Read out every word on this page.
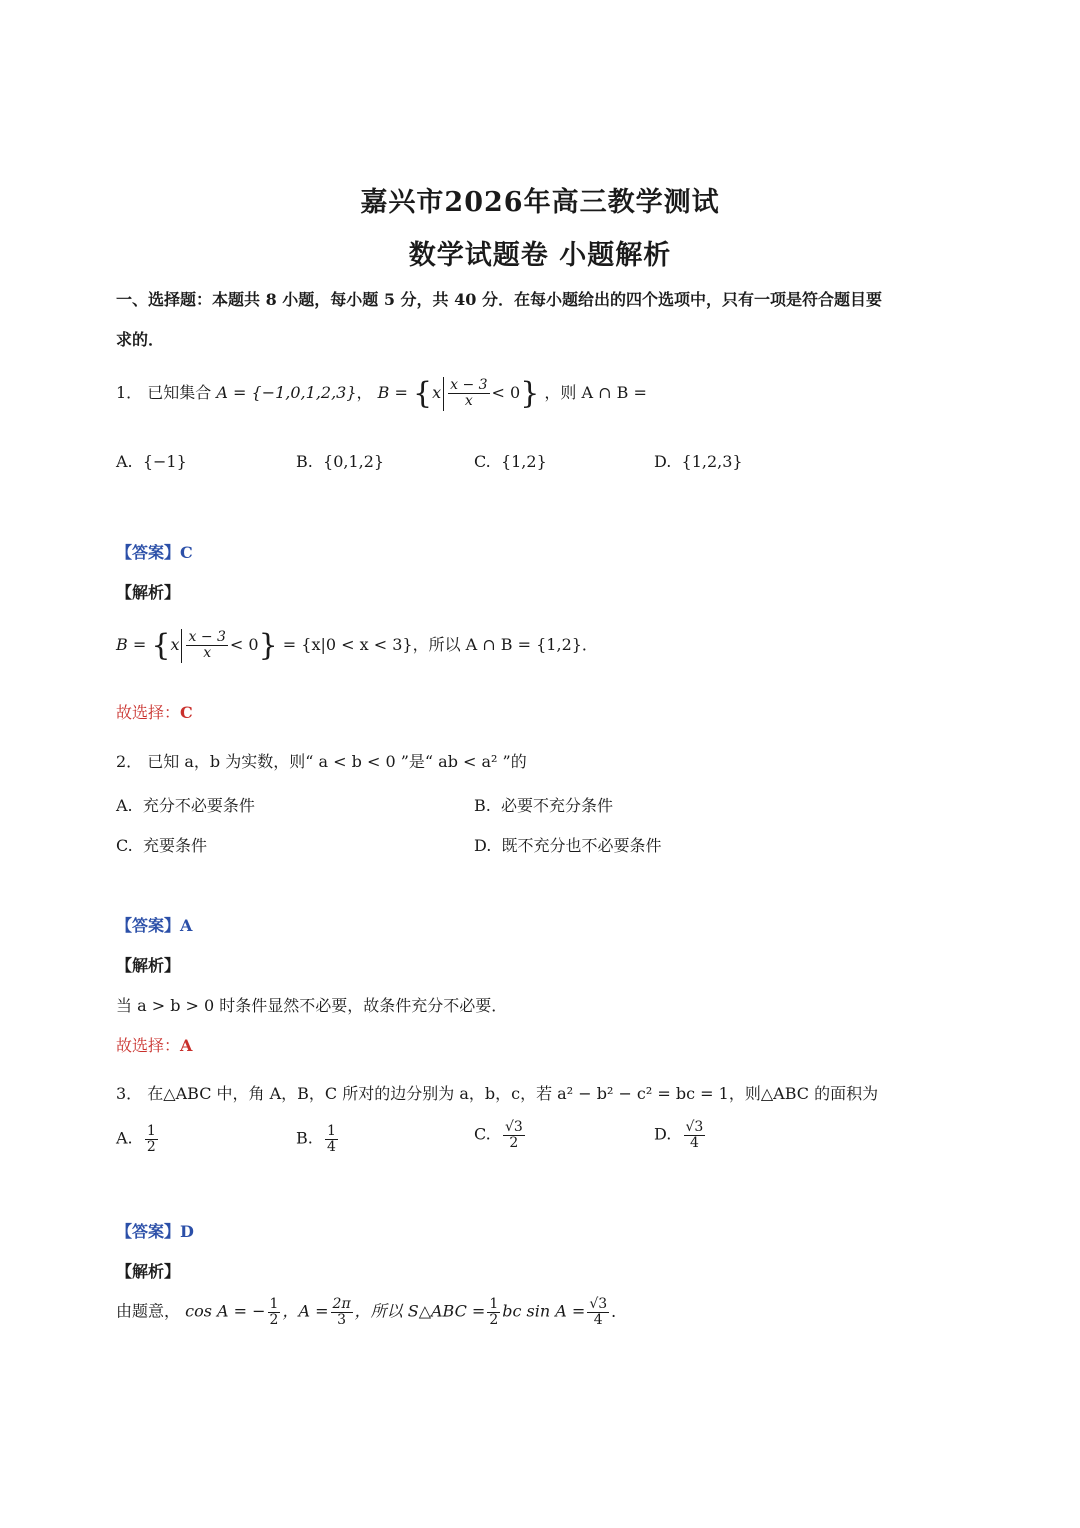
嘉兴市2026年高三教学测试
数学试题卷 小题解析
一、选择题：本题共 8 小题，每小题 5 分，共 40 分．在每小题给出的四个选项中，只有一项是符合题目要
求的．
1． 已知集合 A = {−1,0,1,2,3}， $B = \{x \frac{x - 3}{x} < 0\}$ ，则 A ∩ B =
A. {−1}	B. {0,1,2}	C. {1,2}	D. {1,2,3}
【答案】C
【解析】
$B = \{x \frac{x - 3}{x} < 0\} = \{x|0 < x < 3\}$，所以 A ∩ B = {1,2}．
故选择：C
2． 已知 a，b 为实数，则“ a < b < 0 ”是“ ab < a² ”的
A. 充分不必要条件	B. 必要不充分条件
C. 充要条件	D. 既不充分也不必要条件
【答案】A
【解析】
当 a > b > 0 时条件显然不必要，故条件充分不必要．
故选择：A
3． 在△ABC 中，角 A，B，C 所对的边分别为 a，b，c，若 a² − b² − c² = bc = 1，则△ABC 的面积为
A. $\frac{1}{2}$	B. $\frac{1}{4}$	C. $\frac{√3}{2}$	D. $\frac{√3}{4}$
【答案】D
【解析】
由题意， cos A = − $\frac{1}{2}$ ，$A = \frac{2\pi}{3}$ ，所以 S△ABC = $\frac{1}{2}$ bc $\sin A = \frac{√3}{4}$ ．
